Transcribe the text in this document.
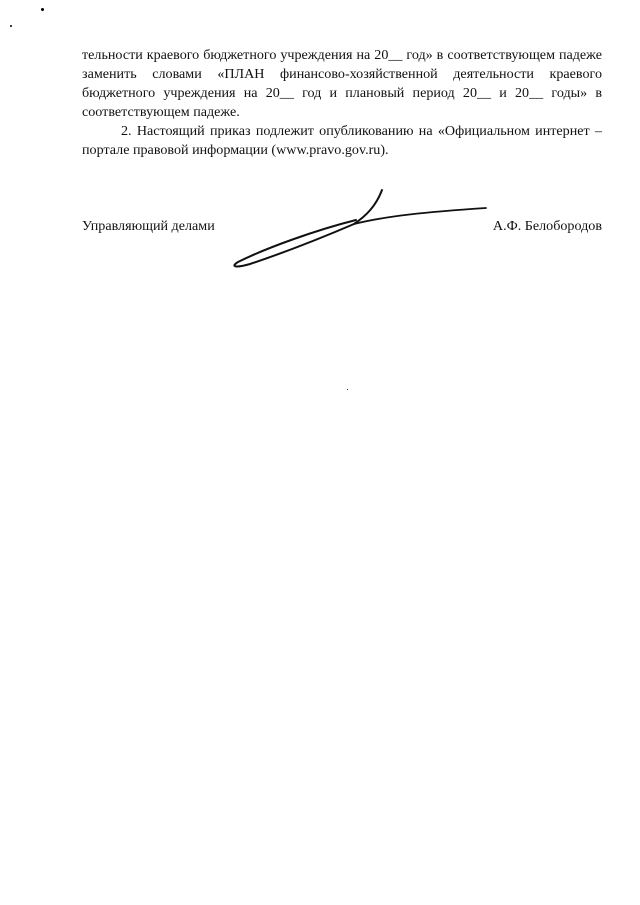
тельности краевого бюджетного учреждения на 20__ год» в соответствующем падеже заменить словами «ПЛАН финансово-хозяйственной деятельности краевого бюджетного учреждения на 20__ год и плановый период 20__ и 20__ годы» в соответствующем падеже.

2. Настоящий приказ подлежит опубликованию на «Официальном интернет – портале правовой информации (www.pravo.gov.ru).

Управляющий делами	А.Ф. Белобородов
